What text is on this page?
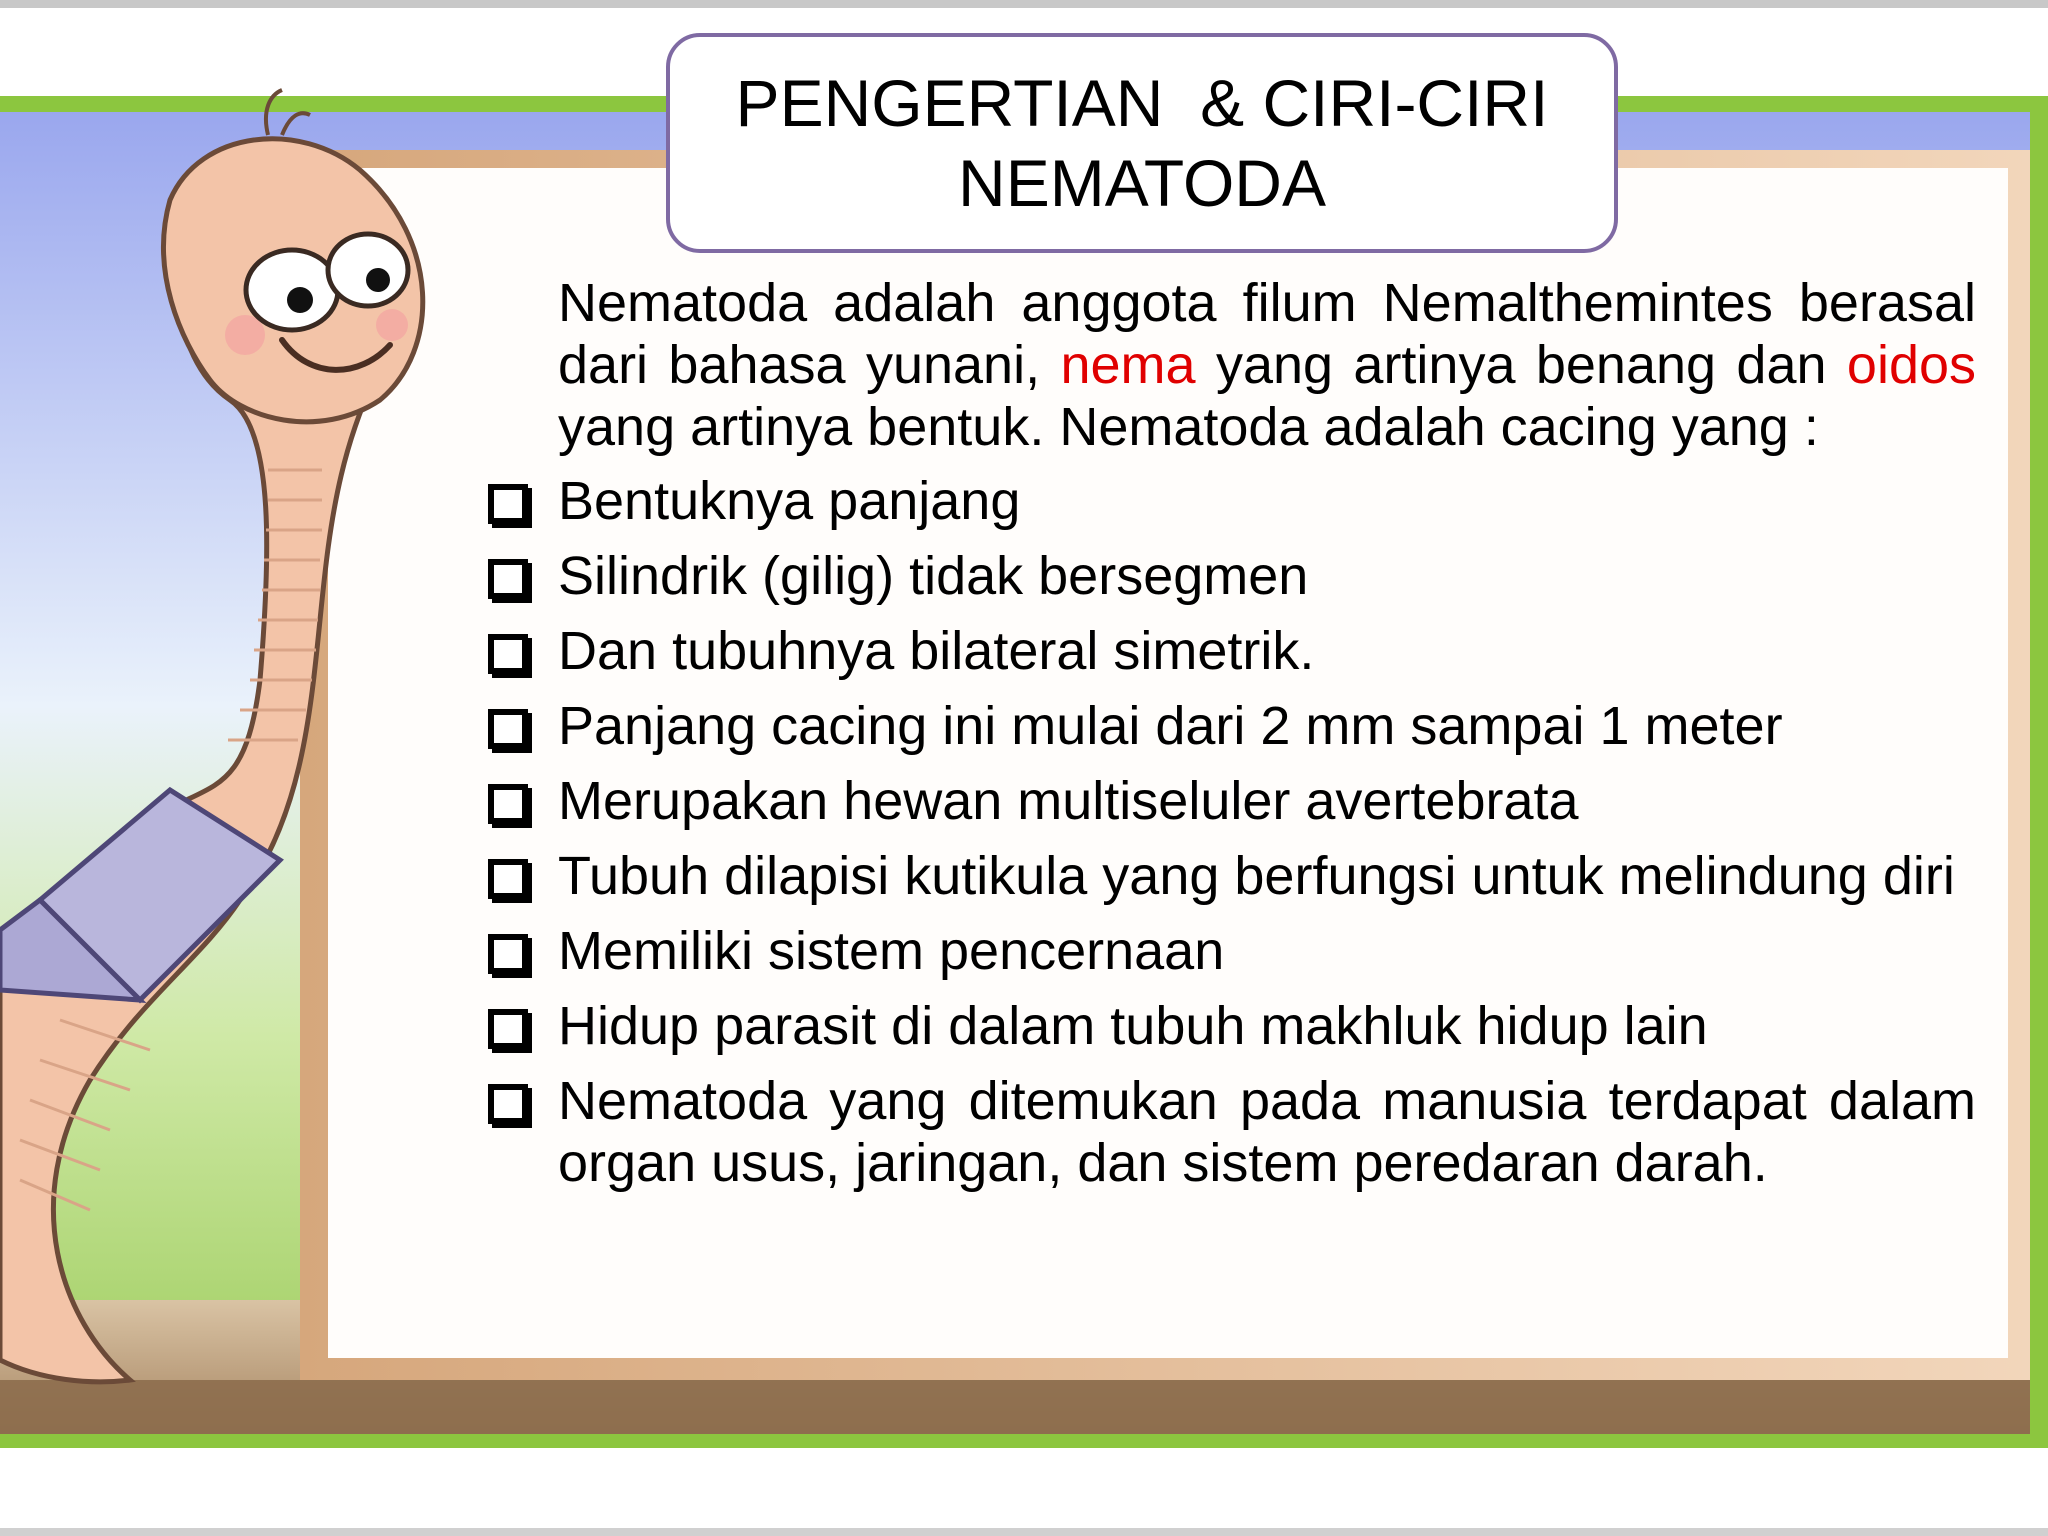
PENGERTIAN  & CIRI-CIRI
NEMATODA

Nematoda adalah anggota filum Nemalthemintes berasal dari bahasa yunani, nema yang artinya benang dan oidos yang artinya bentuk. Nematoda adalah cacing yang :

Bentuknya panjang
Silindrik (gilig) tidak bersegmen
Dan tubuhnya bilateral simetrik.
Panjang cacing ini mulai dari 2 mm sampai 1 meter
Merupakan hewan multiseluler avertebrata
Tubuh dilapisi kutikula yang berfungsi untuk melindung diri
Memiliki sistem pencernaan
Hidup parasit di dalam tubuh makhluk hidup lain
Nematoda yang ditemukan pada manusia terdapat dalam organ usus, jaringan, dan sistem peredaran darah.
